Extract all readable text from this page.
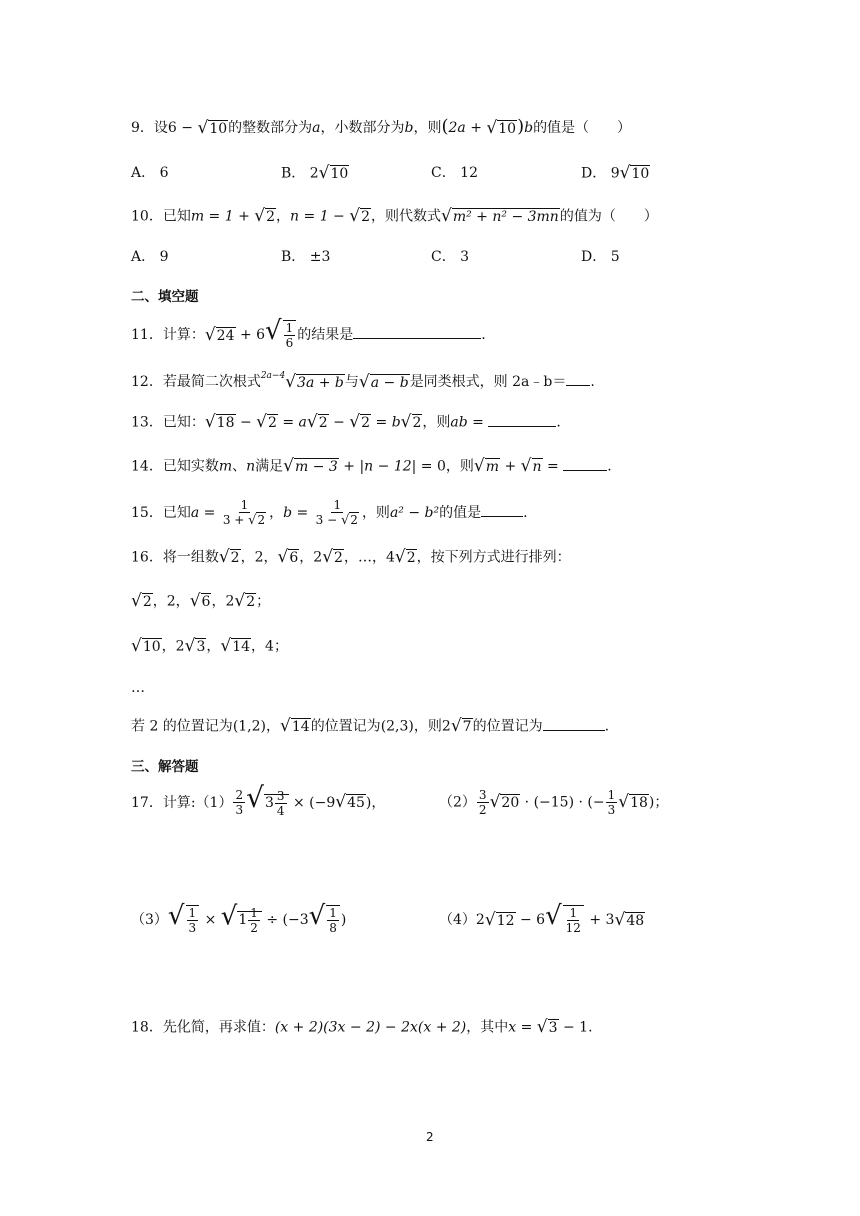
9．设6 − √10的整数部分为a，小数部分为b，则(2a + √10)b的值是（　　）
A． 6	B． 2√10	C． 12	D． 9√10
10．已知m = 1 + √2，n = 1 − √2，则代数式√m² + n² − 3mn的值为（　　）
A． 9	B． ±3	C． 3	D． 5
二、填空题
11．计算：$√24 + 6√ \frac{1}{6}$ 的结果是	.
12．若最简二次根式$^{2a-4}$√3a + b与√a − b是同类根式，则 2a﹣b＝ .
13．已知：√18 − √2 = a√2 − √2 = b√2，则ab =	.
14．已知实数m、n满足√m − 3 + |n − 12| = 0，则√m + √n =	.
15．已知$a = \frac{1}{3 + √2}$ ，$b = \frac{1}{3 - √2}$ ，则a² − b²的值是	.
16．将一组数√2，2，√6，2√2，…，4√2，按下列方式进行排列：
√2，2，√6，2√2；
√10，2√3，√14，4；
…
若 2 的位置记为(1,2)，√14的位置记为(2,3)，则2√7的位置记为	.
三、解答题
17．计算:（1） $\frac{2}{3} √3 \frac{3}{4} \times (-9√45)$，	$(2) \frac{3}{2} √20 \cdot (-15)$ · (− $\frac{1}{3} √18$)；
$(3)√ \frac{1}{3} \times √1 \frac{1}{2} \div (-3√ \frac{1}{8}$ )	$(4)2√12 - 6√ \frac{1}{12} + 3√48$
18．先化简，再求值：(x + 2)(3x − 2) − 2x(x + 2)，其中x = √3 − 1.
2
